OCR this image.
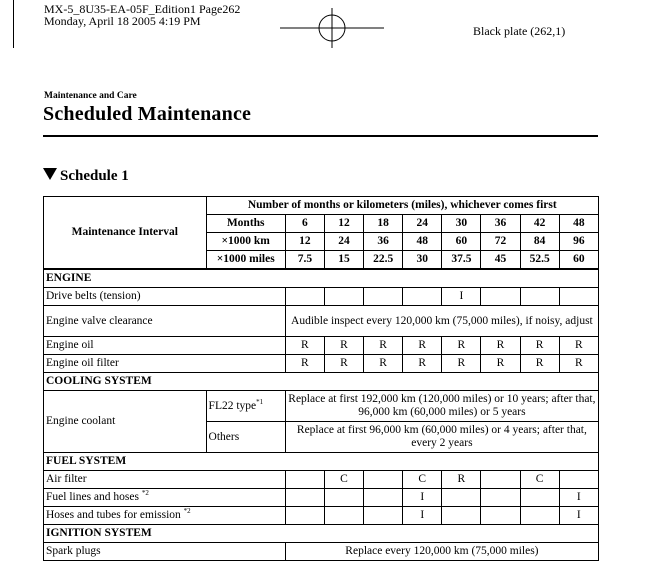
MX-5_8U35-EA-05F_Edition1 Page262
Monday, April 18 2005 4:19 PM
Black plate (262,1)
Maintenance and Care
Scheduled Maintenance
Schedule 1
Maintenance Interval	Number of months or kilometers (miles), whichever comes first								
	Months	6	12	18	24	30	36	42	48
	×1000 km	12	24	36	48	60	72	84	96
	×1000 miles	7.5	15	22.5	30	37.5	45	52.5	60
ENGINE									
Drive belts (tension)						I			
Engine valve clearance		Audible inspect every 120,000 km (75,000 miles), if noisy, adjust							
Engine oil		R	R	R	R	R	R	R	R
Engine oil filter		R	R	R	R	R	R	R	R
COOLING SYSTEM									
Engine coolant	FL22 type$^{*1}$	Replace at first 192,000 km (120,000 miles) or 10 years; after that, 96,000 km (60,000 miles) or 5 years							
	Others	Replace at first 96,000 km (60,000 miles) or 4 years; after that, every 2 years							
FUEL SYSTEM									
Air filter			C		C	R		C	
Fuel lines and hoses $^{*2}$					I				I
Hoses and tubes for emission $^{*2}$					I				I
IGNITION SYSTEM									
Spark plugs		Replace every 120,000 km (75,000 miles)							
